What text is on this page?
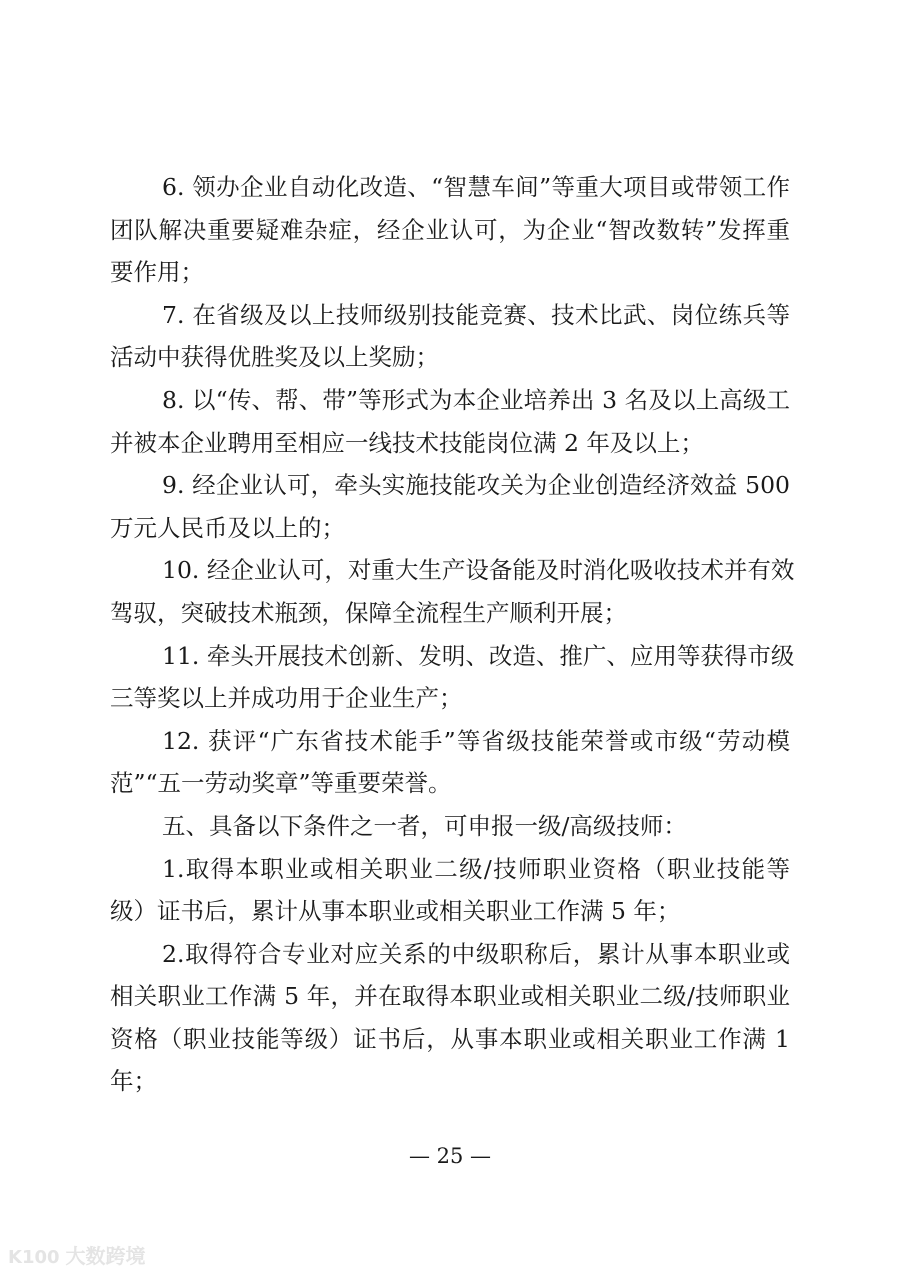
6. 领办企业自动化改造、“智慧车间”等重大项目或带领工作
团队解决重要疑难杂症，经企业认可，为企业“智改数转”发挥重
要作用；
7. 在省级及以上技师级别技能竞赛、技术比武、岗位练兵等
活动中获得优胜奖及以上奖励；
8. 以“传、帮、带”等形式为本企业培养出 3 名及以上高级工
并被本企业聘用至相应一线技术技能岗位满 2 年及以上；
9. 经企业认可，牵头实施技能攻关为企业创造经济效益 500
万元人民币及以上的；
10. 经企业认可，对重大生产设备能及时消化吸收技术并有效
驾驭，突破技术瓶颈，保障全流程生产顺利开展；
11. 牵头开展技术创新、发明、改造、推广、应用等获得市级
三等奖以上并成功用于企业生产；
12. 获评“广东省技术能手”等省级技能荣誉或市级“劳动模
范”“五一劳动奖章”等重要荣誉。
五、具备以下条件之一者，可申报一级/高级技师：
1.取得本职业或相关职业二级/技师职业资格（职业技能等
级）证书后，累计从事本职业或相关职业工作满 5 年；
2.取得符合专业对应关系的中级职称后，累计从事本职业或
相关职业工作满 5 年，并在取得本职业或相关职业二级/技师职业
资格（职业技能等级）证书后，从事本职业或相关职业工作满 1
年；
— 25 —
K100 大数跨境
